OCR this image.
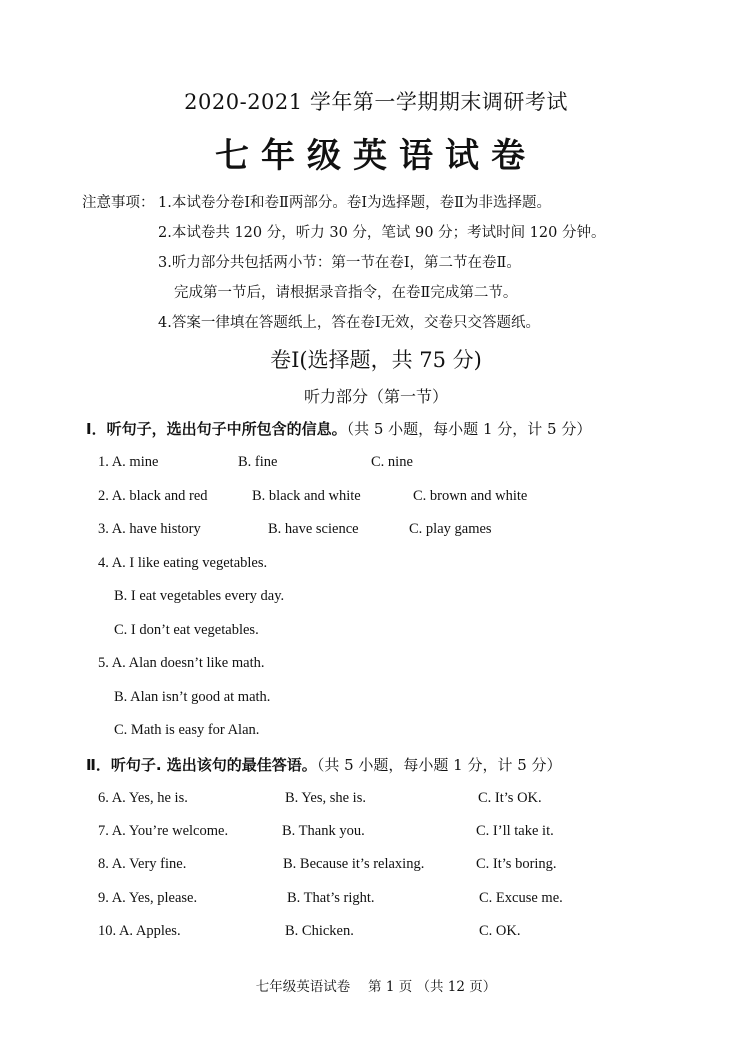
2020-2021 学年第一学期期末调研考试
七年级英语试卷
注意事项： 1.本试卷分卷Ⅰ和卷Ⅱ两部分。卷Ⅰ为选择题，卷Ⅱ为非选择题。
2.本试卷共 120 分，听力 30 分，笔试 90 分；考试时间 120 分钟。
3.听力部分共包括两小节：第一节在卷Ⅰ，第二节在卷Ⅱ。
完成第一节后，请根据录音指令，在卷Ⅱ完成第二节。
4.答案一律填在答题纸上，答在卷Ⅰ无效，交卷只交答题纸。
卷Ⅰ(选择题，共 75 分)
听力部分（第一节）
Ⅰ．听句子，选出句子中所包含的信息。（共 5 小题，每小题 1 分，计 5 分）
1. A. mine	B. fine	C. nine
2. A. black and red	B. black and white	C. brown and white
3. A. have history	B. have science	C. play games
4. A. I like eating vegetables.
B. I eat vegetables every day.
C. I don’t eat vegetables.
5. A. Alan doesn’t like math.
B. Alan isn’t good at math.
C. Math is easy for Alan.
Ⅱ．听句子. 选出该句的最佳答语。（共 5 小题，每小题 1 分，计 5 分）
6. A. Yes, he is.	B. Yes, she is.	C. It’s OK.
7. A. You’re welcome.	B. Thank you.	C. I’ll take it.
8. A. Very fine.	B. Because it’s relaxing.	C. It’s boring.
9. A. Yes, please.	B. That’s right.	C. Excuse me.
10. A. Apples.	B. Chicken.	C. OK.
七年级英语试卷　 第 1 页 （共 12 页）
